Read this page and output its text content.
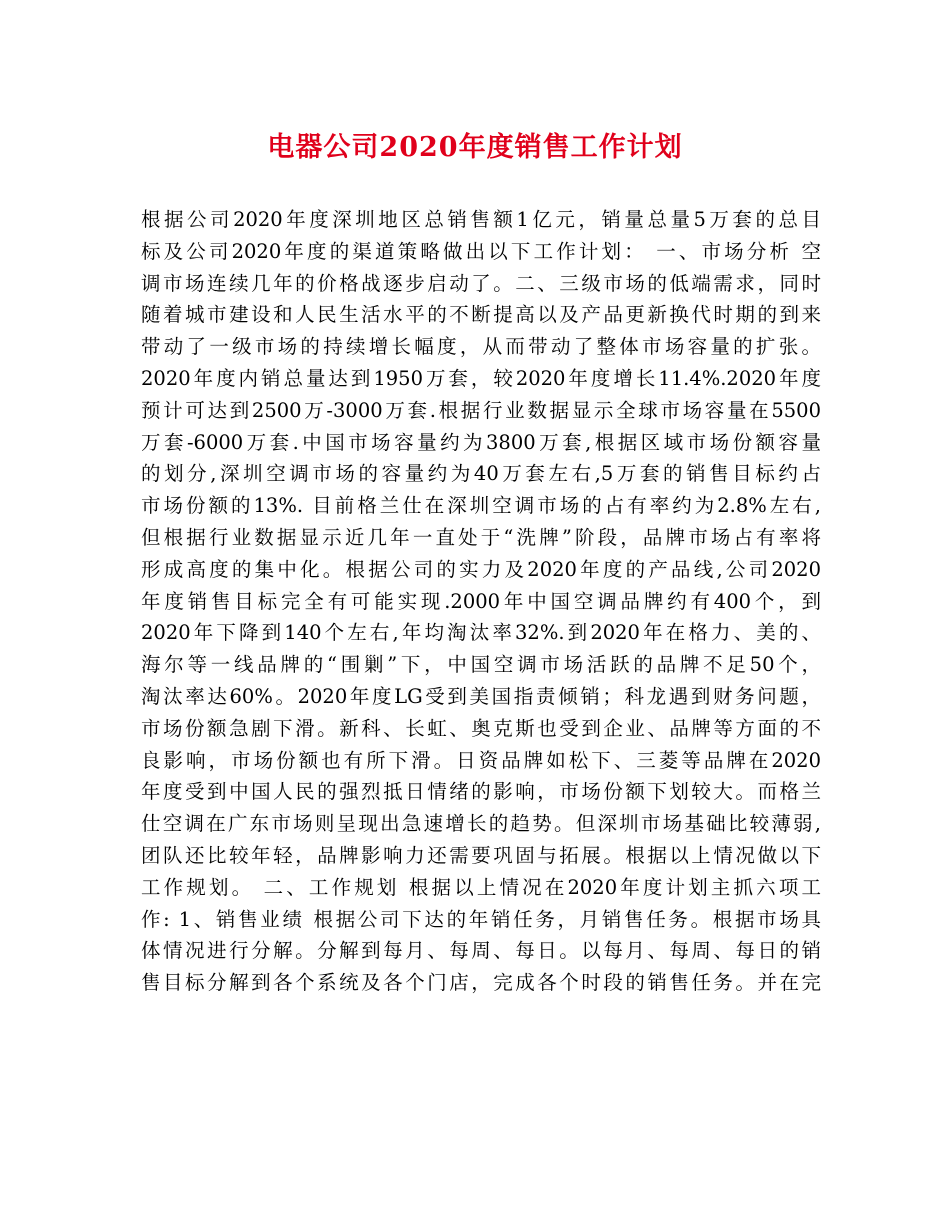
电器公司2020年度销售工作计划
根据公司2020年度深圳地区总销售额1亿元，销量总量5万套的总目
标及公司2020年度的渠道策略做出以下工作计划： 一、市场分析 空
调市场连续几年的价格战逐步启动了。二、三级市场的低端需求，同时
随着城市建设和人民生活水平的不断提高以及产品更新换代时期的到来
带动了一级市场的持续增长幅度，从而带动了整体市场容量的扩张。
2020年度内销总量达到1950万套，较2020年度增长11.4%.2020年度
预计可达到2500万-3000万套.根据行业数据显示全球市场容量在5500
万套-6000万套.中国市场容量约为3800万套,根据区域市场份额容量
的划分,深圳空调市场的容量约为40万套左右,5万套的销售目标约占
市场份额的13%. 目前格兰仕在深圳空调市场的占有率约为2.8%左右,
但根据行业数据显示近几年一直处于“洗牌”阶段，品牌市场占有率将
形成高度的集中化。根据公司的实力及2020年度的产品线,公司2020
年度销售目标完全有可能实现.2000年中国空调品牌约有400个，到
2020年下降到140个左右,年均淘汰率32%.到2020年在格力、美的、
海尔等一线品牌的“围剿”下，中国空调市场活跃的品牌不足50个，
淘汰率达60%。2020年度LG受到美国指责倾销；科龙遇到财务问题，
市场份额急剧下滑。新科、长虹、奥克斯也受到企业、品牌等方面的不
良影响，市场份额也有所下滑。日资品牌如松下、三菱等品牌在2020
年度受到中国人民的强烈抵日情绪的影响，市场份额下划较大。而格兰
仕空调在广东市场则呈现出急速增长的趋势。但深圳市场基础比较薄弱,
团队还比较年轻，品牌影响力还需要巩固与拓展。根据以上情况做以下
工作规划。 二、工作规划 根据以上情况在2020年度计划主抓六项工
作: 1、销售业绩 根据公司下达的年销任务，月销售任务。根据市场具
体情况进行分解。分解到每月、每周、每日。以每月、每周、每日的销
售目标分解到各个系统及各个门店，完成各个时段的销售任务。并在完
